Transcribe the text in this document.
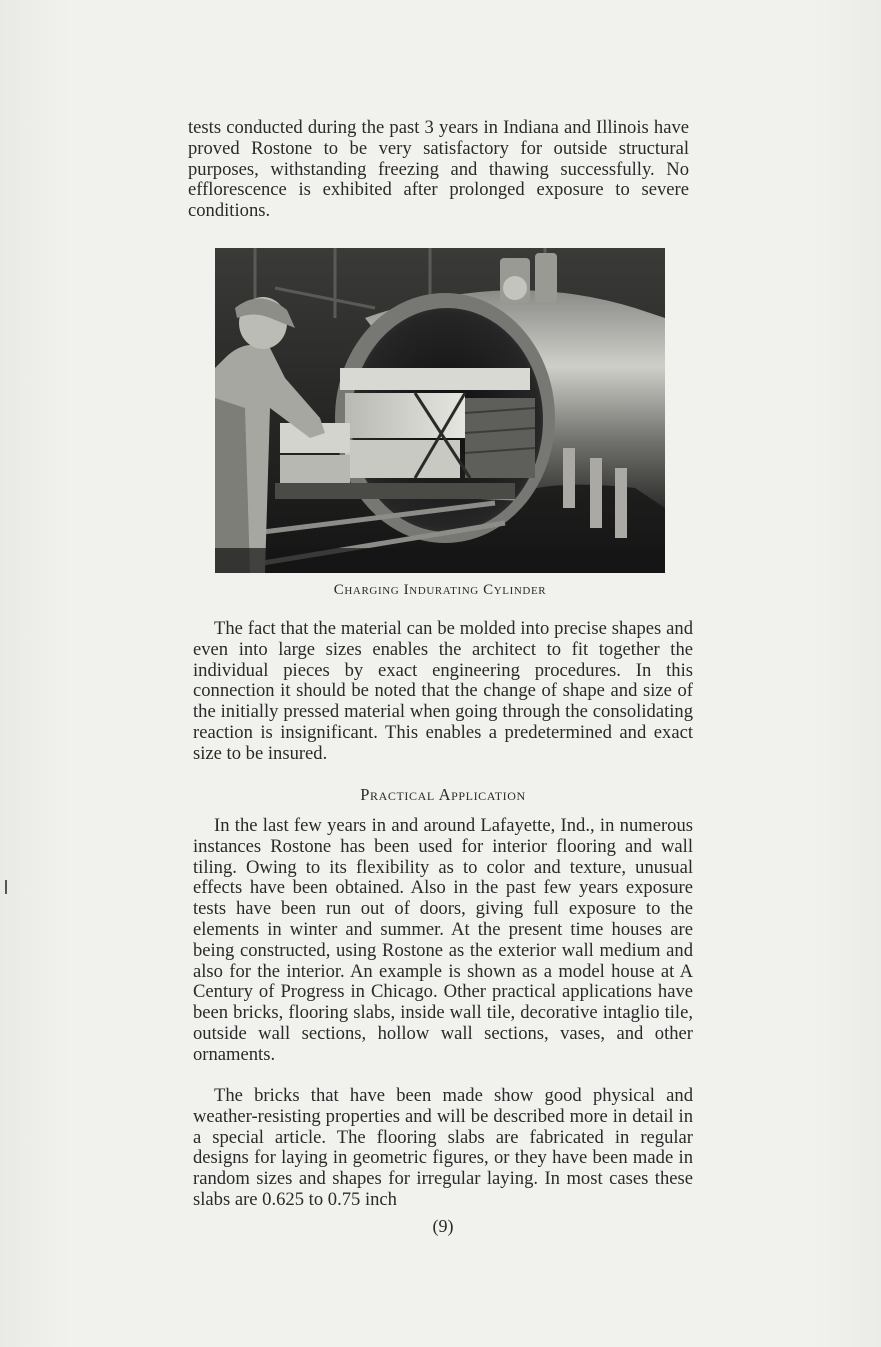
tests conducted during the past 3 years in Indiana and Illinois have proved Rostone to be very satisfactory for outside structural purposes, withstanding freezing and thawing successfully. No efflorescence is exhibited after prolonged exposure to severe conditions.

Charging Indurating Cylinder

The fact that the material can be molded into precise shapes and even into large sizes enables the architect to fit together the individual pieces by exact engineering procedures. In this connection it should be noted that the change of shape and size of the initially pressed material when going through the consolidating reaction is insignificant. This enables a predetermined and exact size to be insured.

Practical Application

In the last few years in and around Lafayette, Ind., in numerous instances Rostone has been used for interior flooring and wall tiling. Owing to its flexibility as to color and texture, unusual effects have been obtained. Also in the past few years exposure tests have been run out of doors, giving full exposure to the elements in winter and summer. At the present time houses are being constructed, using Rostone as the exterior wall medium and also for the interior. An example is shown as a model house at A Century of Progress in Chicago. Other practical applications have been bricks, flooring slabs, inside wall tile, decorative intaglio tile, outside wall sections, hollow wall sections, vases, and other ornaments.

The bricks that have been made show good physical and weather-resisting properties and will be described more in detail in a special article. The flooring slabs are fabricated in regular designs for laying in geometric figures, or they have been made in random sizes and shapes for irregular laying. In most cases these slabs are 0.625 to 0.75 inch

(9)
